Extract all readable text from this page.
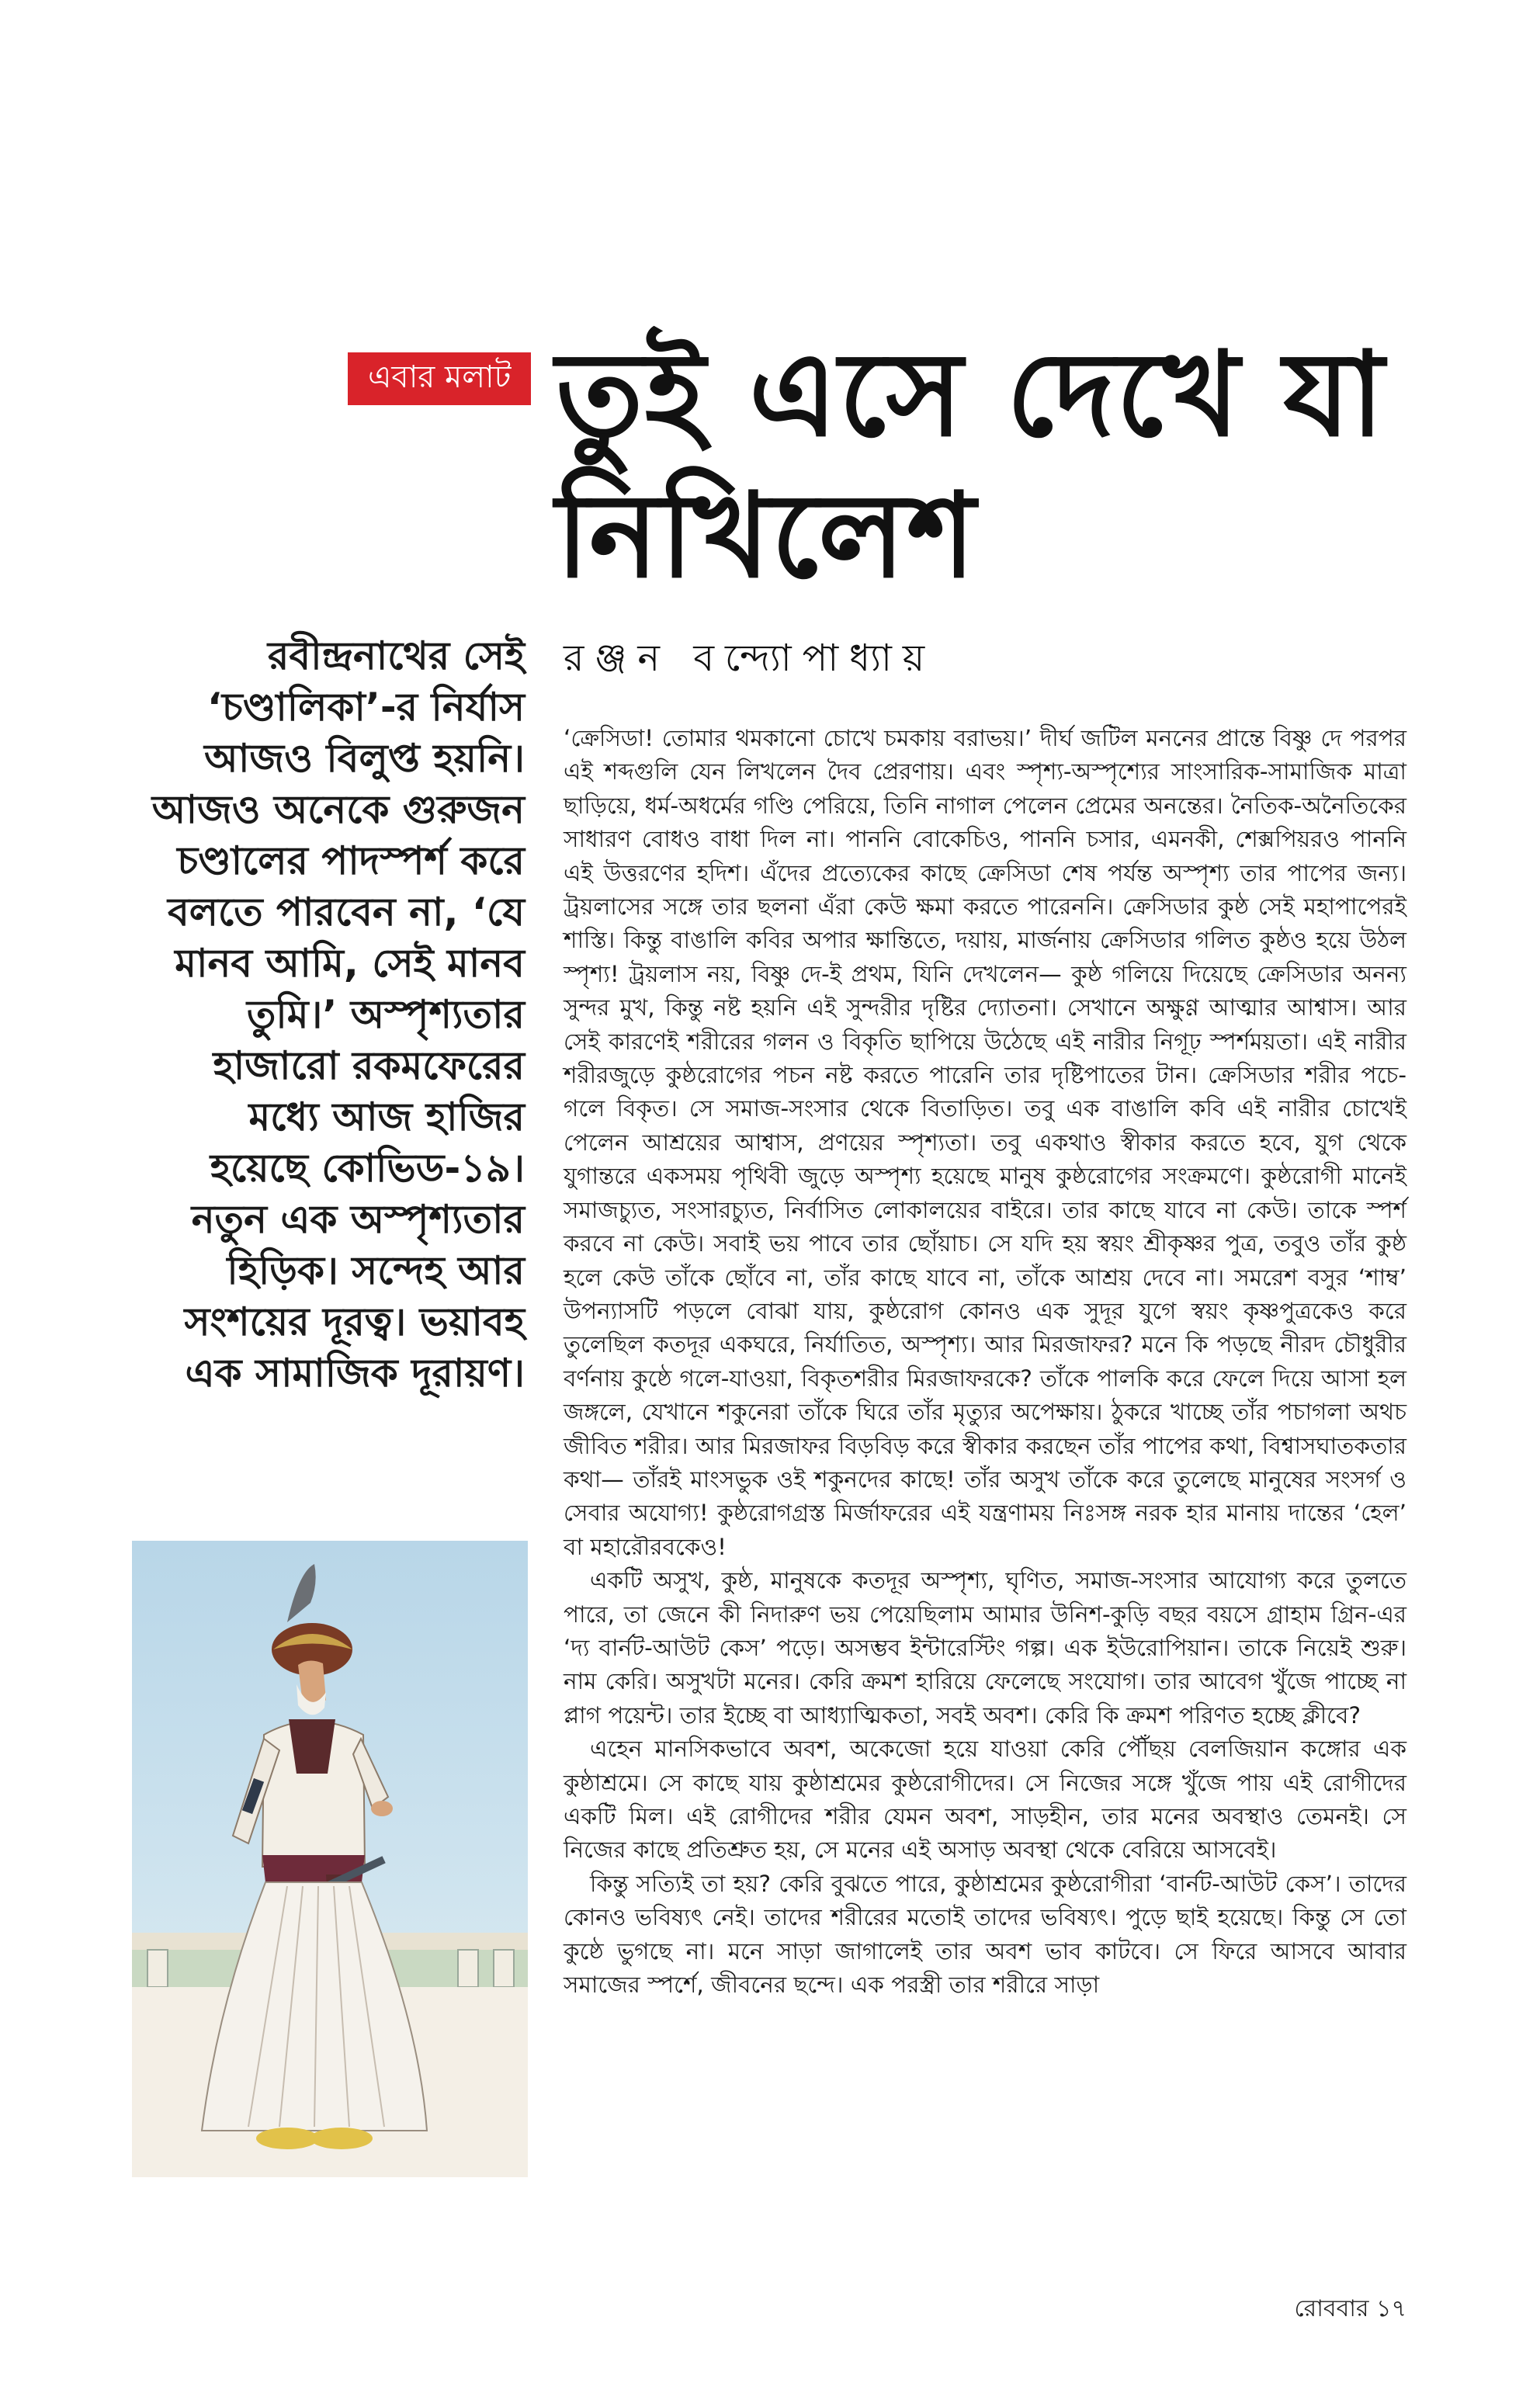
এবার মলাট তুই এসে দেখে যা নিখিলেশ
রঞ্জন বন্দ্যোপাধ্যায়

রবীন্দ্রনাথের সেই ‘চণ্ডালিকা’-র নির্যাস আজও বিলুপ্ত হয়নি। আজও অনেকে গুরুজন চণ্ডালের পাদস্পর্শ করে বলতে পারবেন না, ‘যে মানব আমি, সেই মানব তুমি।’ অস্পৃশ্যতার হাজারো রকমফেরের মধ্যে আজ হাজির হয়েছে কোভিড-১৯। নতুন এক অস্পৃশ্যতার হিড়িক। সন্দেহ আর সংশয়ের দূরত্ব। ভয়াবহ এক সামাজিক দূরায়ণ।

‘ক্রেসিডা! তোমার থমকানো চোখে চমকায় বরাভয়।’ দীর্ঘ জটিল মননের প্রান্তে বিষ্ণু দে পরপর এই শব্দগুলি যেন লিখলেন দৈব প্রেরণায়। এবং স্পৃশ্য-অস্পৃশ্যের সাংসারিক-সামাজিক মাত্রা ছাড়িয়ে, ধর্ম-অধর্মের গণ্ডি পেরিয়ে, তিনি নাগাল পেলেন প্রেমের অনন্তের। নৈতিক-অনৈতিকের সাধারণ বোধও বাধা দিল না। পাননি বোকেচিও, পাননি চসার, এমনকী, শেক্সপিয়রও পাননি এই উত্তরণের হদিশ। এঁদের প্রত্যেকের কাছে ক্রেসিডা শেষ পর্যন্ত অস্পৃশ্য তার পাপের জন্য। ট্রয়লাসের সঙ্গে তার ছলনা এঁরা কেউ ক্ষমা করতে পারেননি। ক্রেসিডার কুষ্ঠ সেই মহাপাপেরই শাস্তি। কিন্তু বাঙালি কবির অপার ক্ষান্তিতে, দয়ায়, মার্জনায় ক্রেসিডার গলিত কুষ্ঠও হয়ে উঠল স্পৃশ্য! ট্রয়লাস নয়, বিষ্ণু দে-ই প্রথম, যিনি দেখলেন— কুষ্ঠ গলিয়ে দিয়েছে ক্রেসিডার অনন্য সুন্দর মুখ, কিন্তু নষ্ট হয়নি এই সুন্দরীর দৃষ্টির দ্যোতনা। সেখানে অক্ষুণ্ণ আত্মার আশ্বাস। আর সেই কারণেই শরীরের গলন ও বিকৃতি ছাপিয়ে উঠেছে এই নারীর নিগূঢ় স্পর্শময়তা। এই নারীর শরীরজুড়ে কুষ্ঠরোগের পচন নষ্ট করতে পারেনি তার দৃষ্টিপাতের টান। ক্রেসিডার শরীর পচে-গলে বিকৃত। সে সমাজ-সংসার থেকে বিতাড়িত। তবু এক বাঙালি কবি এই নারীর চোখেই পেলেন আশ্রয়ের আশ্বাস, প্রণয়ের স্পৃশ্যতা। তবু একথাও স্বীকার করতে হবে, যুগ থেকে যুগান্তরে একসময় পৃথিবী জুড়ে অস্পৃশ্য হয়েছে মানুষ কুষ্ঠরোগের সংক্রমণে। কুষ্ঠরোগী মানেই সমাজচ্যুত, সংসারচ্যুত, নির্বাসিত লোকালয়ের বাইরে। তার কাছে যাবে না কেউ। তাকে স্পর্শ করবে না কেউ। সবাই ভয় পাবে তার ছোঁয়াচ। সে যদি হয় স্বয়ং শ্রীকৃষ্ণর পুত্র, তবুও তাঁর কুষ্ঠ হলে কেউ তাঁকে ছোঁবে না, তাঁর কাছে যাবে না, তাঁকে আশ্রয় দেবে না। সমরেশ বসুর ‘শাম্ব’ উপন্যাসটি পড়লে বোঝা যায়, কুষ্ঠরোগ কোনও এক সুদূর যুগে স্বয়ং কৃষ্ণপুত্রকেও করে তুলেছিল কতদূর একঘরে, নির্যাতিত, অস্পৃশ্য। আর মিরজাফর? মনে কি পড়ছে নীরদ চৌধুরীর বর্ণনায় কুষ্ঠে গলে-যাওয়া, বিকৃতশরীর মিরজাফরকে? তাঁকে পালকি করে ফেলে দিয়ে আসা হল জঙ্গলে, যেখানে শকুনেরা তাঁকে ঘিরে তাঁর মৃত্যুর অপেক্ষায়। ঠুকরে খাচ্ছে তাঁর পচাগলা অথচ জীবিত শরীর। আর মিরজাফর বিড়বিড় করে স্বীকার করছেন তাঁর পাপের কথা, বিশ্বাসঘাতকতার কথা— তাঁরই মাংসভুক ওই শকুনদের কাছে! তাঁর অসুখ তাঁকে করে তুলেছে মানুষের সংসর্গ ও সেবার অযোগ্য! কুষ্ঠরোগগ্রস্ত মির্জাফরের এই যন্ত্রণাময় নিঃসঙ্গ নরক হার মানায় দান্তের ‘হেল’ বা মহারৌরবকেও!

একটি অসুখ, কুষ্ঠ, মানুষকে কতদূর অস্পৃশ্য, ঘৃণিত, সমাজ-সংসার আযোগ্য করে তুলতে পারে, তা জেনে কী নিদারুণ ভয় পেয়েছিলাম আমার উনিশ-কুড়ি বছর বয়সে গ্রাহাম গ্রিন-এর ‘দ্য বার্নট-আউট কেস’ পড়ে। অসম্ভব ইন্টারেস্টিং গল্প। এক ইউরোপিয়ান। তাকে নিয়েই শুরু। নাম কেরি। অসুখটা মনের। কেরি ক্রমশ হারিয়ে ফেলেছে সংযোগ। তার আবেগ খুঁজে পাচ্ছে না প্লাগ পয়েন্ট। তার ইচ্ছে বা আধ্যাত্মিকতা, সবই অবশ। কেরি কি ক্রমশ পরিণত হচ্ছে ক্লীবে?

এহেন মানসিকভাবে অবশ, অকেজো হয়ে যাওয়া কেরি পৌঁছয় বেলজিয়ান কঙ্গোর এক কুষ্ঠাশ্রমে। সে কাছে যায় কুষ্ঠাশ্রমের কুষ্ঠরোগীদের। সে নিজের সঙ্গে খুঁজে পায় এই রোগীদের একটি মিল। এই রোগীদের শরীর যেমন অবশ, সাড়হীন, তার মনের অবস্থাও তেমনই। সে নিজের কাছে প্রতিশ্রুত হয়, সে মনের এই অসাড় অবস্থা থেকে বেরিয়ে আসবেই।

কিন্তু সত্যিই তা হয়? কেরি বুঝতে পারে, কুষ্ঠাশ্রমের কুষ্ঠরোগীরা ‘বার্নট-আউট কেস’। তাদের কোনও ভবিষ্যৎ নেই। তাদের শরীরের মতোই তাদের ভবিষ্যৎ। পুড়ে ছাই হয়েছে। কিন্তু সে তো কুষ্ঠে ভুগছে না। মনে সাড়া জাগালেই তার অবশ ভাব কাটবে। সে ফিরে আসবে আবার সমাজের স্পর্শে, জীবনের ছন্দে। এক পরস্ত্রী তার শরীরে সাড়া

রোববার ১৭
